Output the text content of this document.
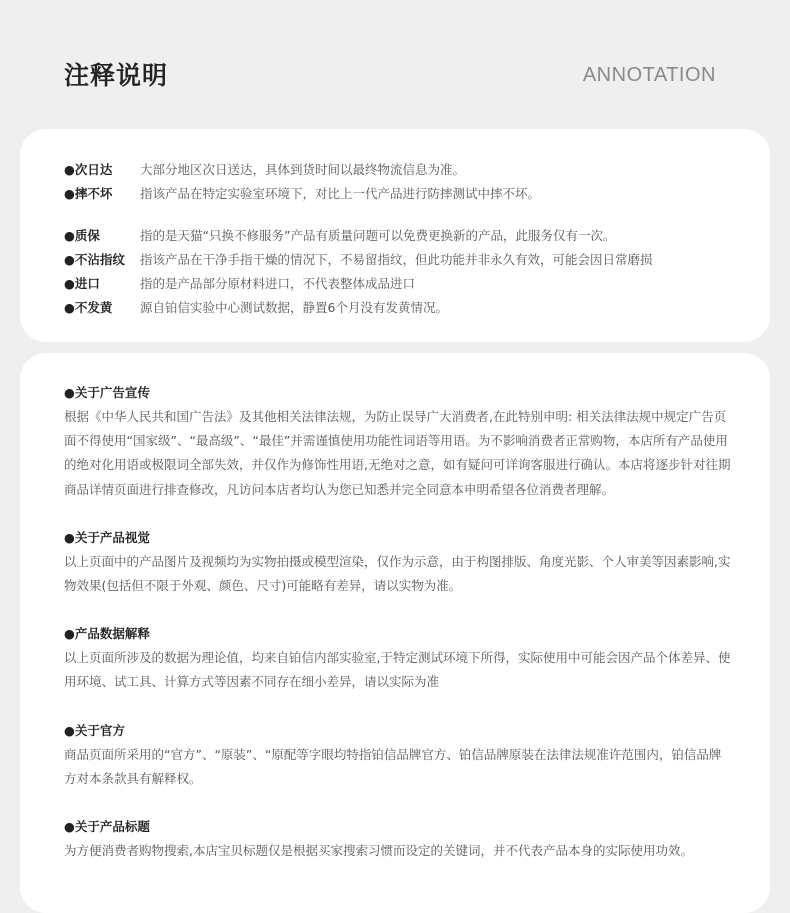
注释说明	ANNOTATION
●次日达	大部分地区次日送达，具体到货时间以最终物流信息为准。
●摔不坏	指该产品在特定实验室环境下，对比上一代产品进行防摔测试中摔不坏。
●质保	指的是天猫“只换不修服务”产品有质量问题可以免费更换新的产品，此服务仅有一次。
●不沾指纹	指该产品在干净手指干燥的情况下，不易留指纹，但此功能并非永久有效，可能会因日常磨损
●进口	指的是产品部分原材料进口，不代表整体成品进口
●不发黄	源自铂信实验中心测试数据，静置6个月没有发黄情况。
●关于广告宣传
根据《中华人民共和国广告法》及其他相关法律法规，为防止误导广大消费者,在此特别申明: 相关法律法规中规定广告页面不得使用“国家级”、“最高级”、“最佳”并需谨慎使用功能性词语等用语。为不影响消费者正常购物，本店所有产品使用的绝对化用语或极限词全部失效，并仅作为修饰性用语,无绝对之意，如有疑问可详询客服进行确认。本店将逐步针对往期商品详情页面进行排查修改，凡访问本店者均认为您已知悉并完全同意本申明希望各位消费者理解。
●关于产品视觉
以上页面中的产品图片及视频均为实物拍摄或模型渲染，仅作为示意，由于构图排版、角度光影、个人审美等因素影响,实物效果(包括但不限于外观、颜色、尺寸)可能略有差异，请以实物为准。
●产品数据解释
以上页面所涉及的数据为理论值，均来自铂信内部实验室,于特定测试环境下所得，实际使用中可能会因产品个体差异、使用环境、试工具、计算方式等因素不同存在细小差异，请以实际为准
●关于官方
商品页面所采用的“官方”、“原装”、“原配等字眼均特指铂信品牌官方、铂信品牌原装在法律法规准许范围内，铂信品牌方对本条款具有解释权。
●关于产品标题
为方便消费者购物搜索,本店宝贝标题仅是根据买家搜索习惯而设定的关键词，并不代表产品本身的实际使用功效。
